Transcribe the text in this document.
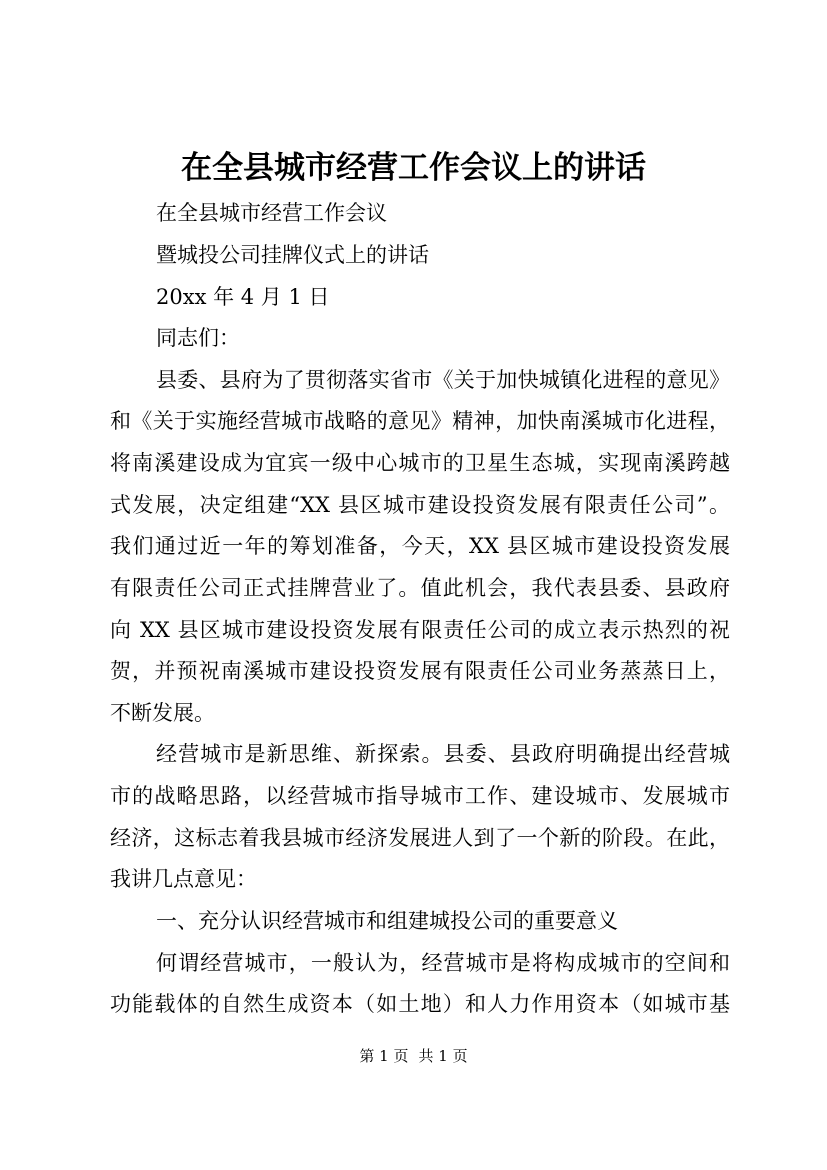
在全县城市经营工作会议上的讲话
在全县城市经营工作会议
暨城投公司挂牌仪式上的讲话
20xx 年 4 月 1 日
同志们：
县委、县府为了贯彻落实省市《关于加快城镇化进程的意见》
和《关于实施经营城市战略的意见》精神，加快南溪城市化进程，
将南溪建设成为宜宾一级中心城市的卫星生态城，实现南溪跨越
式发展，决定组建“XX 县区城市建设投资发展有限责任公司”。
我们通过近一年的筹划准备，今天，XX 县区城市建设投资发展
有限责任公司正式挂牌营业了。值此机会，我代表县委、县政府
向 XX 县区城市建设投资发展有限责任公司的成立表示热烈的祝
贺，并预祝南溪城市建设投资发展有限责任公司业务蒸蒸日上，
不断发展。
经营城市是新思维、新探索。县委、县政府明确提出经营城
市的战略思路，以经营城市指导城市工作、建设城市、发展城市
经济，这标志着我县城市经济发展进人到了一个新的阶段。在此，
我讲几点意见：
一、充分认识经营城市和组建城投公司的重要意义
何谓经营城市，一般认为，经营城市是将构成城市的空间和
功能载体的自然生成资本（如土地）和人力作用资本（如城市基
第 1 页 共 1 页
